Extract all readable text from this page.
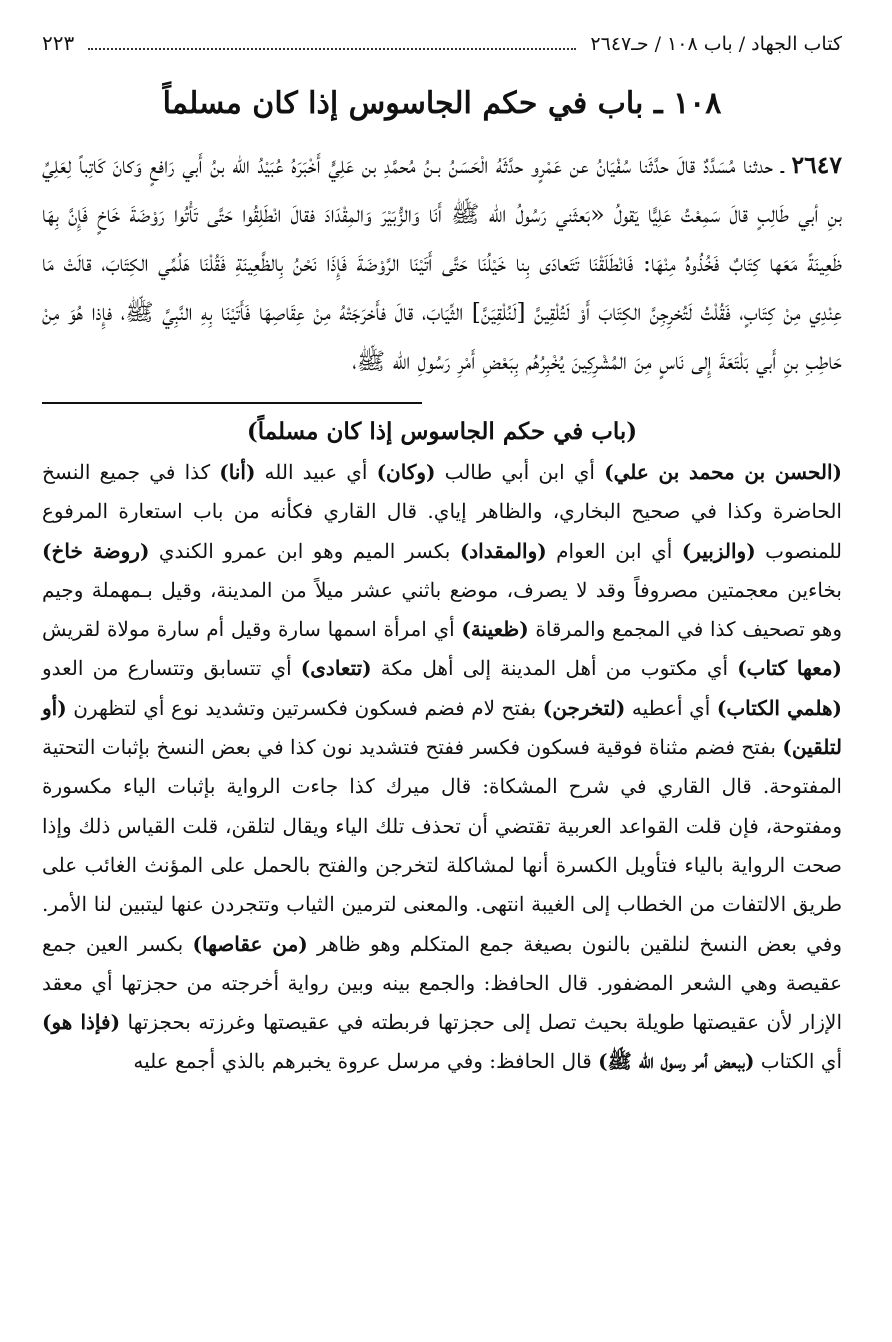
كتاب الجهاد / باب ١٠٨ / حـ٢٦٤٧
٢٢٣
١٠٨ ـ باب في حكم الجاسوس إذا كان مسلماً

٢٦٤٧ ـ حدثنا مُسَدَّدٌ قالَ حدَّثَنا سُفْيَانُ عن عَمْرٍو حدَّثَهُ الْحَسَنُ بـنُ مُحمَّدِ بن عَلِيٍّ أَخْبَرَهُ عُبَيْدُ الله بنُ أَبي رَافعٍ وَكانَ كَاتِباً لِعَلِيِّ بنِ أبي طَالِبٍ قالَ سَمِعْتُ عَلِيًّا يَقولُ «بَعثَني رَسُولُ الله ﷺ أَنَا وَالزُّبَيْرَ وَالمِقْدَادَ فقالَ انْطَلِقُوا حَتَّى تَأْتُوا رَوْضَةَ خَاخٍ فَإِنَّ بِهَا ظَعِينَةً مَعَها كِتَابٌ فَخُذُوهُ مِنْهَا: فَانْطَلَقْنَا تَتَعادَى بِنا خَيْلُنَا حَتَّى أَتَيْنَا الرَّوْضَةَ فَإِذَا نَحْنُ بِالظَّعِينَةِ فَقُلْنَا هَلُمِّي الكِتَابَ، قالَتْ مَا عِنْدِي مِنْ كِتَابٍ، فَقُلْتُ لَتُخرِجِنَّ الكِتَابَ أَوْ لَتُلْقِينَّ [لَنُلْقِيَنَّ] الثِّيَابَ، قالَ فأَخرَجَتْهُ مِنْ عِقَاصِهَا فَأَتَيْنَا بِهِ النَّبِيَّ ﷺ، فإِذا هُوَ مِنْ حَاطِبِ بنِ أَبي بَلْتَعَةَ إِلى نَاسٍ مِنَ المُشْرِكِينَ يُخْبِرُهُم بِبَعْضِ أَمْرِ رَسُولِ الله ﷺ،

(باب في حكم الجاسوس إذا كان مسلماً)

(الحسن بن محمد بن علي) أي ابن أبي طالب (وكان) أي عبيد الله (أنا) كذا في جميع النسخ الحاضرة وكذا في صحيح البخاري، والظاهر إياي. قال القاري فكأنه من باب استعارة المرفوع للمنصوب (والزبير) أي ابن العوام (والمقداد) بكسر الميم وهو ابن عمرو الكندي (روضة خاخ) بخاءين معجمتين مصروفاً وقد لا يصرف، موضع باثني عشر ميلاً من المدينة، وقيل بـمهملة وجيم وهو تصحيف كذا في المجمع والمرقاة (ظعينة) أي امرأة اسمها سارة وقيل أم سارة مولاة لقريش (معها كتاب) أي مكتوب من أهل المدينة إلى أهل مكة (تتعادى) أي تتسابق وتتسارع من العدو (هلمي الكتاب) أي أعطيه (لتخرجن) بفتح لام فضم فسكون فكسرتين وتشديد نوع أي لتظهرن (أو لتلقين) بفتح فضم مثناة فوقية فسكون فكسر ففتح فتشديد نون كذا في بعض النسخ بإثبات التحتية المفتوحة. قال القاري في شرح المشكاة: قال ميرك كذا جاءت الرواية بإثبات الياء مكسورة ومفتوحة، فإن قلت القواعد العربية تقتضي أن تحذف تلك الياء ويقال لتلقن، قلت القياس ذلك وإذا صحت الرواية بالياء فتأويل الكسرة أنها لمشاكلة لتخرجن والفتح بالحمل على المؤنث الغائب على طريق الالتفات من الخطاب إلى الغيبة انتهى. والمعنى لترمين الثياب وتتجردن عنها ليتبين لنا الأمر. وفي بعض النسخ لنلقين بالنون بصيغة جمع المتكلم وهو ظاهر (من عقاصها) بكسر العين جمع عقيصة وهي الشعر المضفور. قال الحافظ: والجمع بينه وبين رواية أخرجته من حجزتها أي معقد الإزار لأن عقيصتها طويلة بحيث تصل إلى حجزتها فربطته في عقيصتها وغرزته بحجزتها (فإذا هو) أي الكتاب (ببعض أمر رسول الله ﷺ) قال الحافظ: وفي مرسل عروة يخبرهم بالذي أجمع عليه
